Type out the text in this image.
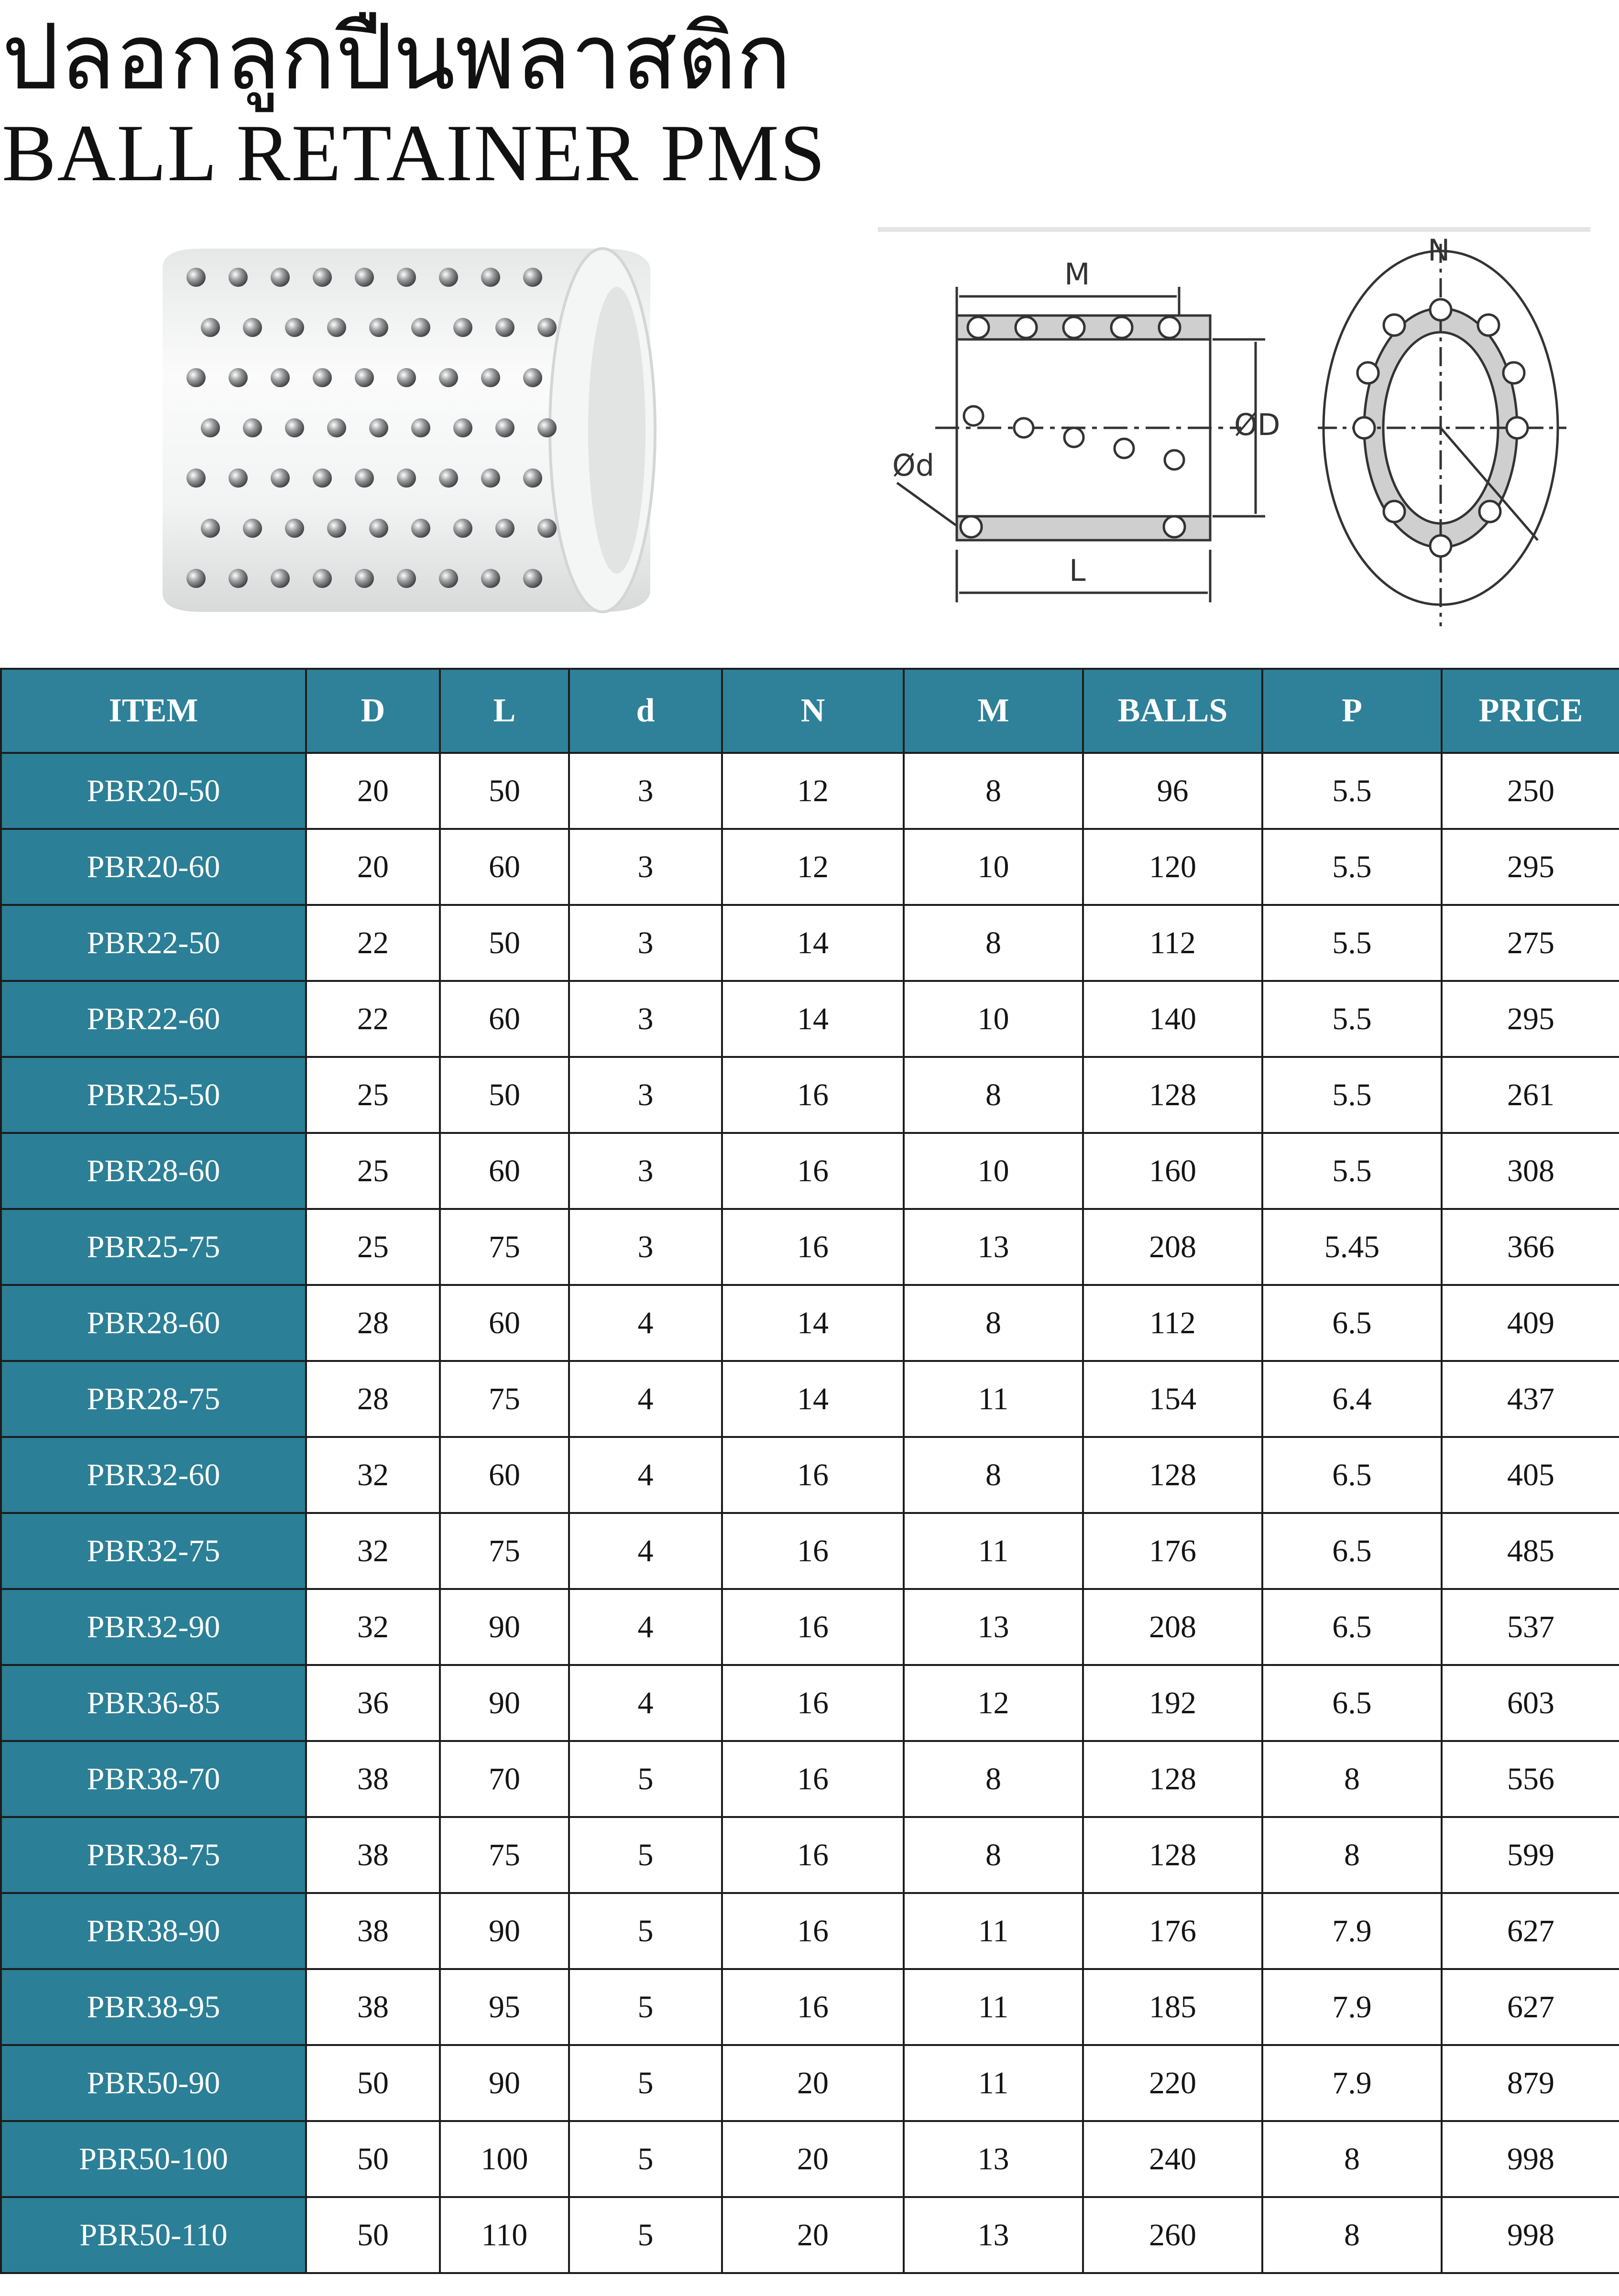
ปลอกลูกปืนพลาสติก
BALL RETAINER PMS
M
N
ØD
Ød
L
ITEM	D	L	d	N	M	BALLS	P	PRICE
PBR20-50	20	50	3	12	8	96	5.5	250
PBR20-60	20	60	3	12	10	120	5.5	295
PBR22-50	22	50	3	14	8	112	5.5	275
PBR22-60	22	60	3	14	10	140	5.5	295
PBR25-50	25	50	3	16	8	128	5.5	261
PBR28-60	25	60	3	16	10	160	5.5	308
PBR25-75	25	75	3	16	13	208	5.45	366
PBR28-60	28	60	4	14	8	112	6.5	409
PBR28-75	28	75	4	14	11	154	6.4	437
PBR32-60	32	60	4	16	8	128	6.5	405
PBR32-75	32	75	4	16	11	176	6.5	485
PBR32-90	32	90	4	16	13	208	6.5	537
PBR36-85	36	90	4	16	12	192	6.5	603
PBR38-70	38	70	5	16	8	128	8	556
PBR38-75	38	75	5	16	8	128	8	599
PBR38-90	38	90	5	16	11	176	7.9	627
PBR38-95	38	95	5	16	11	185	7.9	627
PBR50-90	50	90	5	20	11	220	7.9	879
PBR50-100	50	100	5	20	13	240	8	998
PBR50-110	50	110	5	20	13	260	8	998
